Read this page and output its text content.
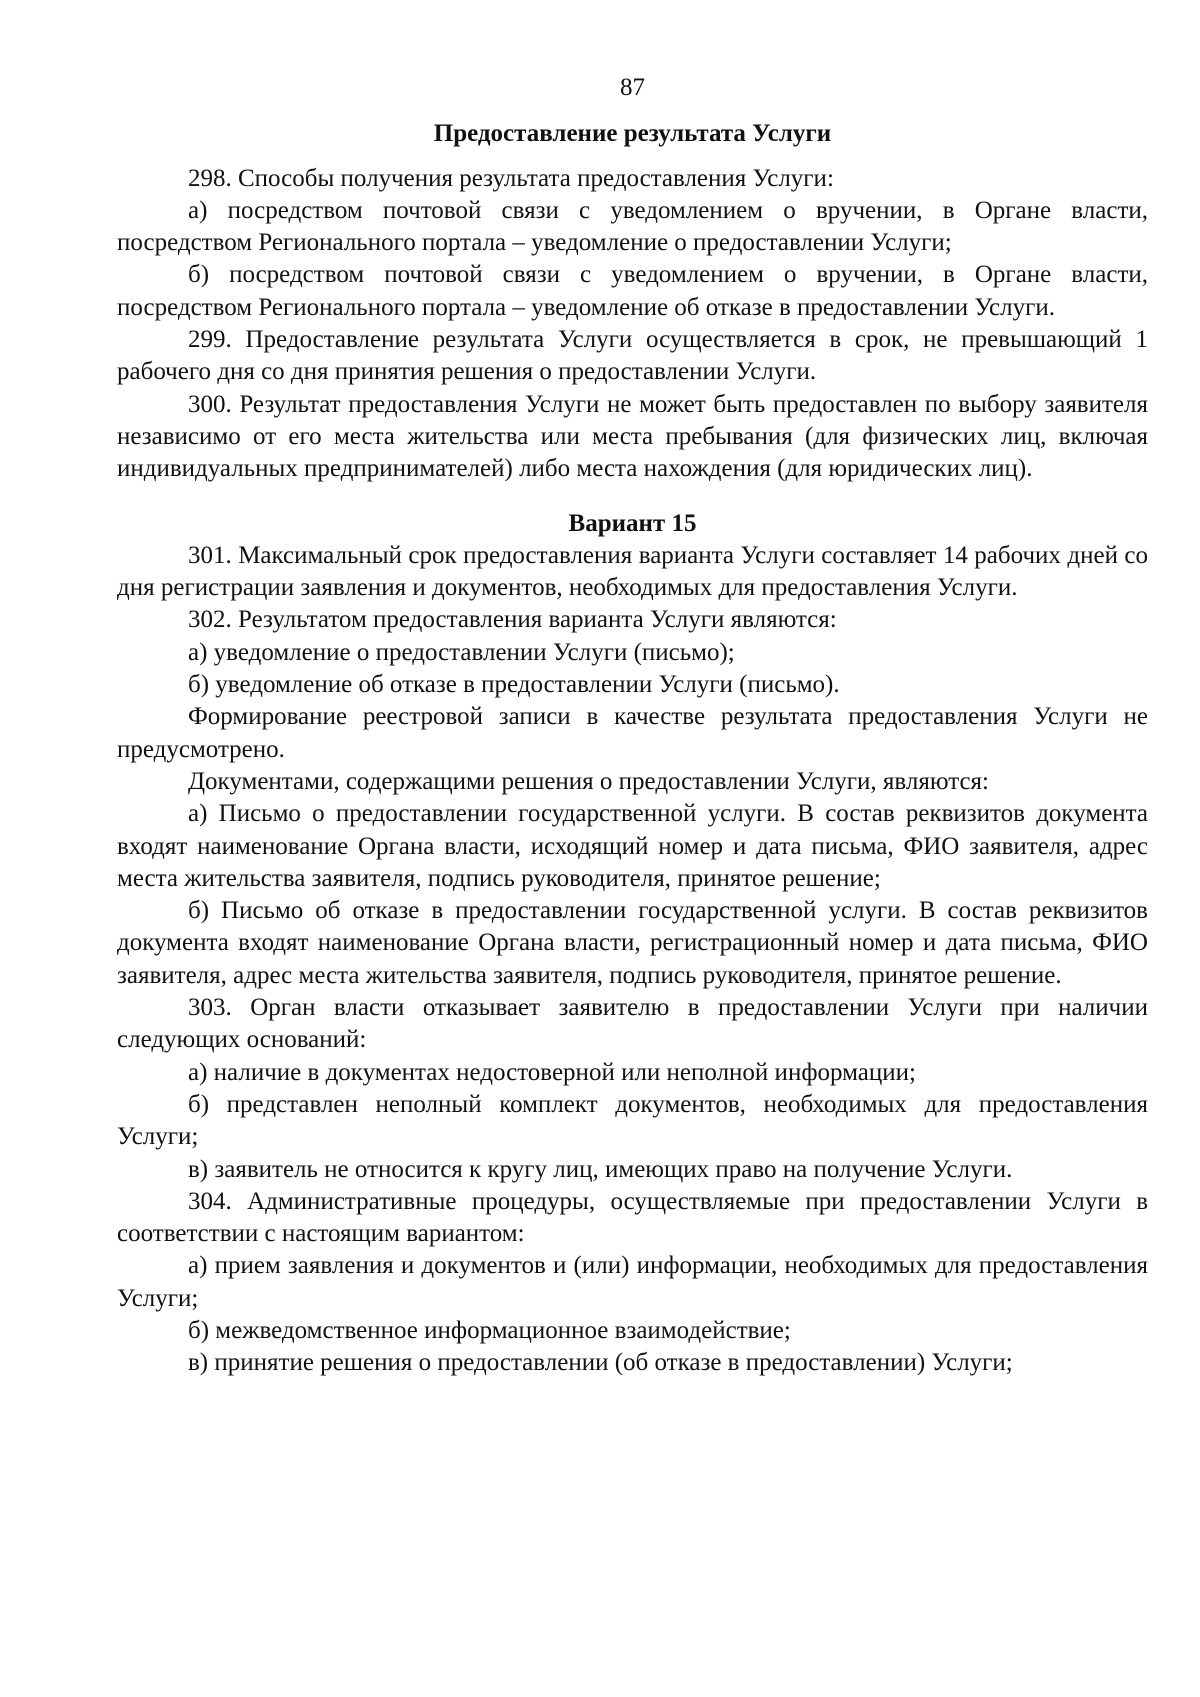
87
Предоставление результата Услуги

298. Способы получения результата предоставления Услуги:

а) посредством почтовой связи с уведомлением о вручении, в Органе власти, посредством Регионального портала – уведомление о предоставлении Услуги;

б) посредством почтовой связи с уведомлением о вручении, в Органе власти, посредством Регионального портала – уведомление об отказе в предоставлении Услуги.

299. Предоставление результата Услуги осуществляется в срок, не превышающий 1 рабочего дня со дня принятия решения о предоставлении Услуги.

300. Результат предоставления Услуги не может быть предоставлен по выбору заявителя независимо от его места жительства или места пребывания (для физических лиц, включая индивидуальных предпринимателей) либо места нахождения (для юридических лиц).

Вариант 15

301. Максимальный срок предоставления варианта Услуги составляет 14 рабочих дней со дня регистрации заявления и документов, необходимых для предоставления Услуги.

302. Результатом предоставления варианта Услуги являются:

а) уведомление о предоставлении Услуги (письмо);

б) уведомление об отказе в предоставлении Услуги (письмо).

Формирование реестровой записи в качестве результата предоставления Услуги не предусмотрено.

Документами, содержащими решения о предоставлении Услуги, являются:

а) Письмо о предоставлении государственной услуги. В состав реквизитов документа входят наименование Органа власти, исходящий номер и дата письма, ФИО заявителя, адрес места жительства заявителя, подпись руководителя, принятое решение;

б) Письмо об отказе в предоставлении государственной услуги. В состав реквизитов документа входят наименование Органа власти, регистрационный номер и дата письма, ФИО заявителя, адрес места жительства заявителя, подпись руководителя, принятое решение.

303. Орган власти отказывает заявителю в предоставлении Услуги при наличии следующих оснований:

а) наличие в документах недостоверной или неполной информации;

б) представлен неполный комплект документов, необходимых для предоставления Услуги;

в) заявитель не относится к кругу лиц, имеющих право на получение Услуги.

304. Административные процедуры, осуществляемые при предоставлении Услуги в соответствии с настоящим вариантом:

а) прием заявления и документов и (или) информации, необходимых для предоставления Услуги;

б) межведомственное информационное взаимодействие;

в) принятие решения о предоставлении (об отказе в предоставлении) Услуги;
